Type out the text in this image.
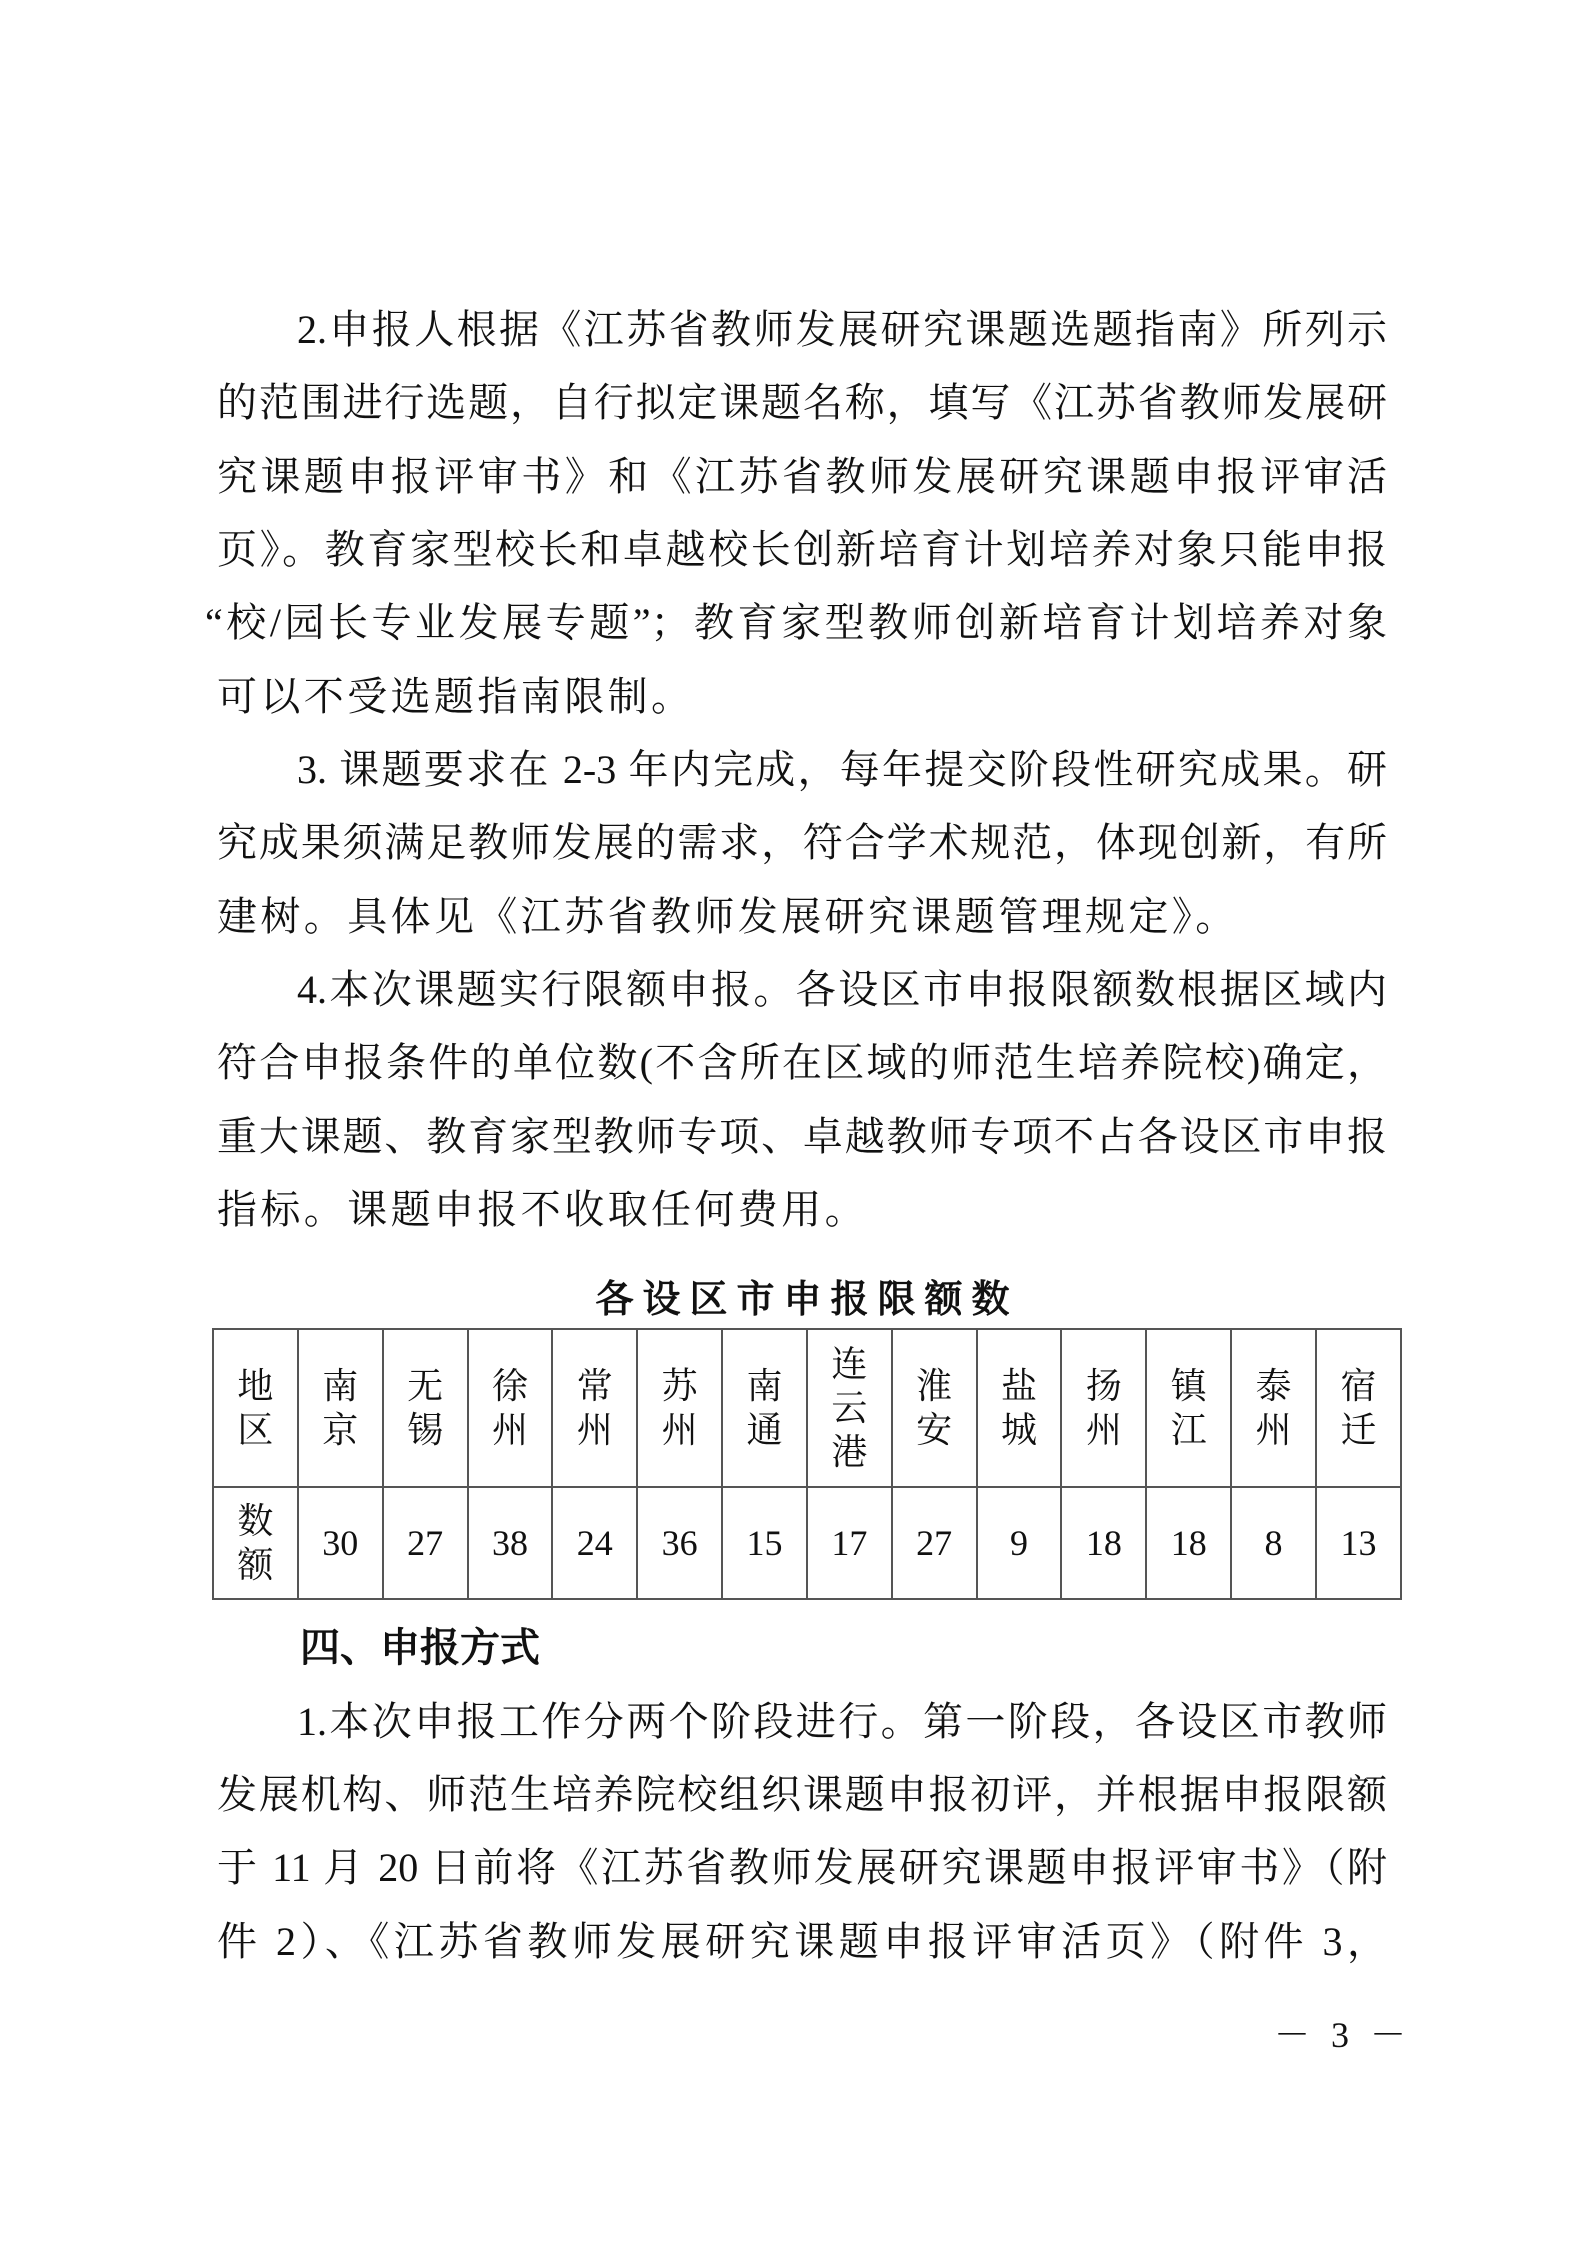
2.申报人根据《江苏省教师发展研究课题选题指南》所列示
的范围进行选题，自行拟定课题名称，填写《江苏省教师发展研
究课题申报评审书》和《江苏省教师发展研究课题申报评审活
页》。教育家型校长和卓越校长创新培育计划培养对象只能申报
“校/园长专业发展专题”；教育家型教师创新培育计划培养对象
可以不受选题指南限制。
3. 课题要求在 2-3 年内完成，每年提交阶段性研究成果。研
究成果须满足教师发展的需求，符合学术规范，体现创新，有所
建树。具体见《江苏省教师发展研究课题管理规定》。
4.本次课题实行限额申报。各设区市申报限额数根据区域内
符合申报条件的单位数(不含所在区域的师范生培养院校)确定，
重大课题、教育家型教师专项、卓越教师专项不占各设区市申报
指标。课题申报不收取任何费用。
各设区市申报限额数
地区	南京	无锡	徐州	常州	苏州	南通	连云港	淮安	盐城	扬州	镇江	泰州	宿迁
数额	30	27	38	24	36	15	17	27	9	18	18	8	13
四、申报方式
1.本次申报工作分两个阶段进行。第一阶段，各设区市教师
发展机构、师范生培养院校组织课题申报初评，并根据申报限额
于 11 月 20 日前将《江苏省教师发展研究课题申报评审书》（附
件 2）、《江苏省教师发展研究课题申报评审活页》（附件 3，
－ 3 －
